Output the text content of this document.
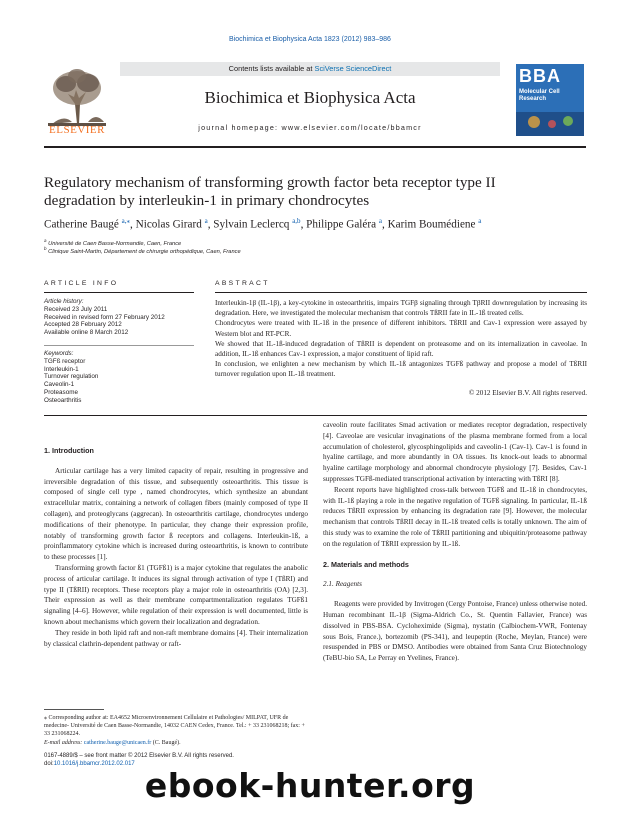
Biochimica et Biophysica Acta 1823 (2012) 983–986
Contents lists available at SciVerse ScienceDirect
ELSEVIER
Biochimica et Biophysica Acta
journal homepage: www.elsevier.com/locate/bbamcr
BBA
Molecular Cell Research
Regulatory mechanism of transforming growth factor beta receptor type II
degradation by interleukin-1 in primary chondrocytes
Catherine Baugé $^{a,⁎}$, Nicolas Girard $^a$, Sylvain Leclercq $^{a,b}$, Philippe Galéra $^a$, Karim Boumédiene $^a$
$^a$ Université de Caen Basse-Normandie, Caen, France
$^b$ Clinique Saint-Martin, Département de chirurgie orthopédique, Caen, France
ARTICLE INFO	ABSTRACT
Article history:
Received 23 July 2011
Received in revised form 27 February 2012
Accepted 28 February 2012
Available online 8 March 2012
Keywords:
TGFß receptor
Interleukin-1
Turnover regulation
Caveolin-1
Proteasome
Osteoarthritis

Interleukin-1β (IL-1β), a key-cytokine in osteoarthritis, impairs TGFβ signaling through TβRII downregulation by increasing its degradation. Here, we investigated the molecular mechanism that controls TßRII fate in IL-1ß treated cells.

Chondrocytes were treated with IL-1ß in the presence of different inhibitors. TßRII and Cav-1 expression were assayed by Western blot and RT-PCR.

We showed that IL-1ß-induced degradation of TßRII is dependent on proteasome and on its internalization in caveolae. In addition, IL-1ß enhances Cav-1 expression, a major constituent of lipid raft.

In conclusion, we enlighten a new mechanism by which IL-1ß antagonizes TGFß pathway and propose a model of TßRII turnover regulation upon IL-1ß treatment.

© 2012 Elsevier B.V. All rights reserved.
1. Introduction

Articular cartilage has a very limited capacity of repair, resulting in progressive and irreversible degradation of this tissue, and subsequently osteoarthritis. This tissue is composed of single cell type , named chondrocytes, which synthesize an abundant extracellular matrix, containing a network of collagen fibers (mainly composed of type II collagen), and proteoglycans (aggrecan). In osteoarthritis cartilage, chondrocytes undergo modifications of their phenotype. In particular, they change their expression profile, notably of transforming growth factor ß receptors and collagens. Interleukin-1ß, a proinflammatory cytokine which is increased during osteoarthritis, is known to contribute to these processes [1].

Transforming growth factor ß1 (TGFß1) is a major cytokine that regulates the anabolic process of articular cartilage. It induces its signal through activation of type I (TßRI) and type II (TßRII) receptors. These receptors play a major role in osteoarthritis (OA) [2,3]. Their expression as well as their membrane compartmentalization regulates TGFß1 signaling [4–6]. However, while regulation of their expression is well documented, little is known about mechanisms which govern their localization and degradation.

They reside in both lipid raft and non-raft membrane domains [4]. Their internalization by classical clathrin-dependent pathway or raft-

caveolin route facilitates Smad activation or mediates receptor degradation, respectively [4]. Caveolae are vesicular invaginations of the plasma membrane formed from a local accumulation of cholesterol, glycosphingolipids and caveolin-1 (Cav-1). Cav-1 is found in hyaline cartilage, and more abundantly in OA tissues. Its knock-out leads to abnormal hyaline cartilage morphology and abnormal chondrocyte physiology [7]. Besides, Cav-1 suppresses TGFß-mediated transcriptional activation by interacting with TßRI [8].

Recent reports have highlighted cross-talk between TGFß and IL-1ß in chondrocytes, with IL-1ß playing a role in the negative regulation of TGFß signaling. In particular, IL-1ß reduces TßRII expression by enhancing its degradation rate [9]. However, the molecular mechanism that controls TßRII decay in IL-1ß treated cells is totally unknown. The aim of this study was to examine the role of TßRII partitioning and ubiquitin/proteasome pathway on the regulation of TßRII expression by IL-1ß.

2. Materials and methods
2.1. Reagents

Reagents were provided by Invitrogen (Cergy Pontoise, France) unless otherwise noted. Human recombinant IL-1β (Sigma-Aldrich Co., St. Quentin Fallavier, France) was dissolved in PBS-BSA. Cycloheximide (Sigma), nystatin (Calbiochem-VWR, Fontenay sous Bois, France.), bortezomib (PS-341), and leupeptin (Roche, Meylan, France) were resuspended in PBS or DMSO. Antibodies were obtained from Santa Cruz Biotechnology (TeBU-bio SA, Le Perray en Yvelines, France).

⁎ Corresponding author at: EA4652 Microenvironnement Cellulaire et Pathologies/ MILPAT, UFR de medecine- Université de Caen Basse-Normandie, 14032 CAEN Cedex, France. Tel.: + 33 231068218; fax: + 33 231068224.
E-mail address: catherine.bauge@unicaen.fr (C. Baugé).
0167-4889/$ – see front matter © 2012 Elsevier B.V. All rights reserved.
doi:10.1016/j.bbamcr.2012.02.017
ebook-hunter.org
